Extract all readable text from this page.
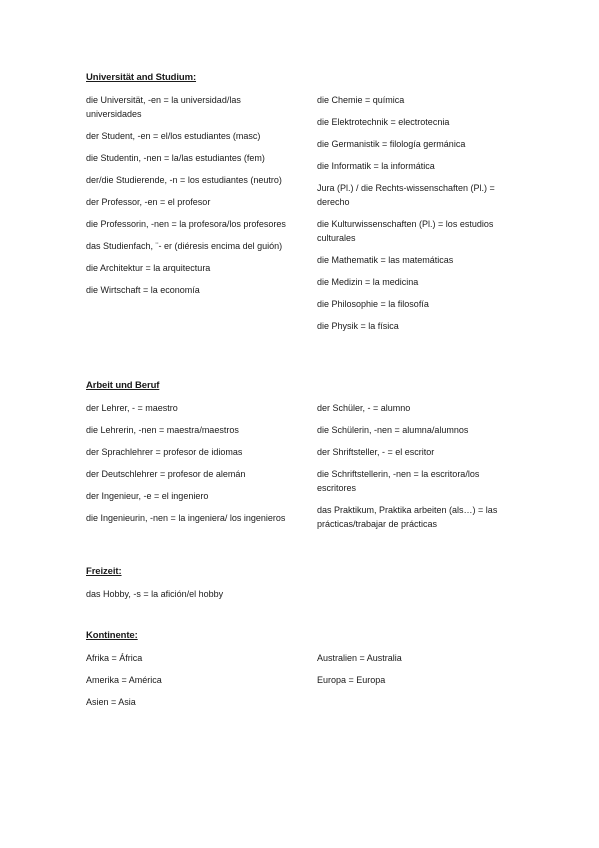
Universität and Studium:
die Universität, -en = la universidad/las universidades
der Student, -en = el/los estudiantes (masc)
die Studentin, -nen = la/las estudiantes (fem)
der/die Studierende, -n = los estudiantes (neutro)
der Professor, -en = el profesor
die Professorin, -nen = la profesora/los profesores
das Studienfach, ¨- er (diéresis encima del guión)
die Architektur = la arquitectura
die Wirtschaft = la economía
die Chemie = química
die Elektrotechnik = electrotecnia
die Germanistik = filología germánica
die Informatik = la informática
Jura (Pl.) / die Rechts-wissenschaften (Pl.) = derecho
die Kulturwissenschaften (Pl.) = los estudios culturales
die Mathematik = las matemáticas
die Medizin = la medicina
die Philosophie = la filosofía
die Physik = la física
Arbeit und Beruf
der Lehrer, - = maestro
die Lehrerin, -nen = maestra/maestros
der Sprachlehrer = profesor de idiomas
der Deutschlehrer = profesor de alemán
der Ingenieur, -e = el ingeniero
die Ingenieurin, -nen = la ingeniera/ los ingenieros
der Schüler, - = alumno
die Schülerin, -nen = alumna/alumnos
der Shriftsteller, - = el escritor
die Schriftstellerin, -nen = la escritora/los escritores
das Praktikum, Praktika arbeiten (als…) = las prácticas/trabajar de prácticas
Freizeit:
das Hobby, -s = la afición/el hobby
Kontinente:
Afrika = África
Amerika = América
Asien = Asia
Australien = Australia
Europa = Europa
